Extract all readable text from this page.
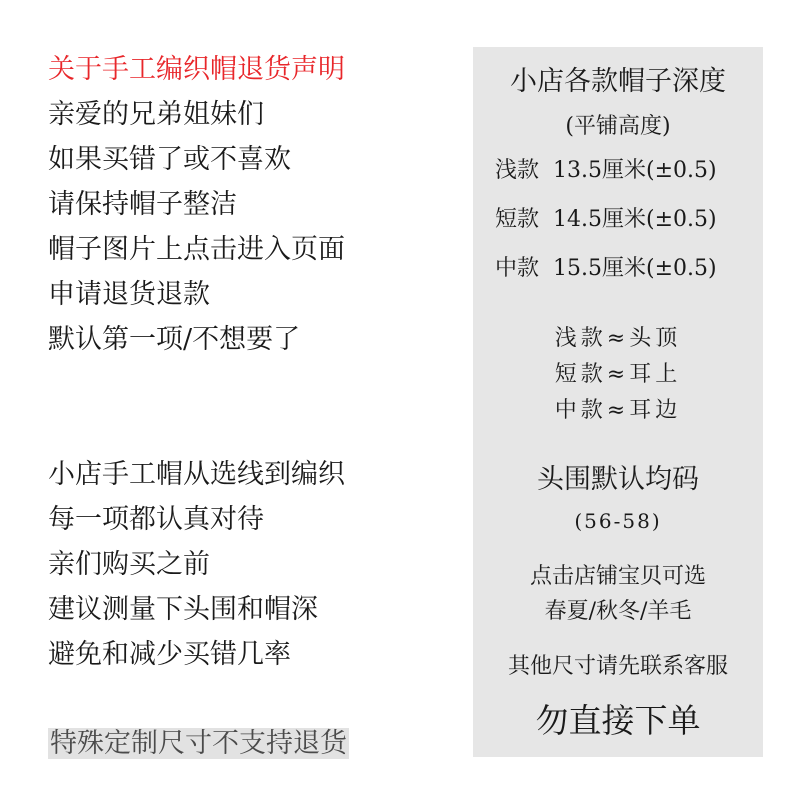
关于手工编织帽退货声明
亲爱的兄弟姐妹们
如果买错了或不喜欢
请保持帽子整洁
帽子图片上点击进入页面
申请退货退款
默认第一项/不想要了
小店手工帽从选线到编织
每一项都认真对待
亲们购买之前
建议测量下头围和帽深
避免和减少买错几率
特殊定制尺寸不支持退货
小店各款帽子深度
(平铺高度)
浅款 13.5厘米(±0.5)
短款 14.5厘米(±0.5)
中款 15.5厘米(±0.5)
浅款≈头顶
短款≈耳上
中款≈耳边
头围默认均码
(56-58)
点击店铺宝贝可选
春夏/秋冬/羊毛
其他尺寸请先联系客服
勿直接下单
